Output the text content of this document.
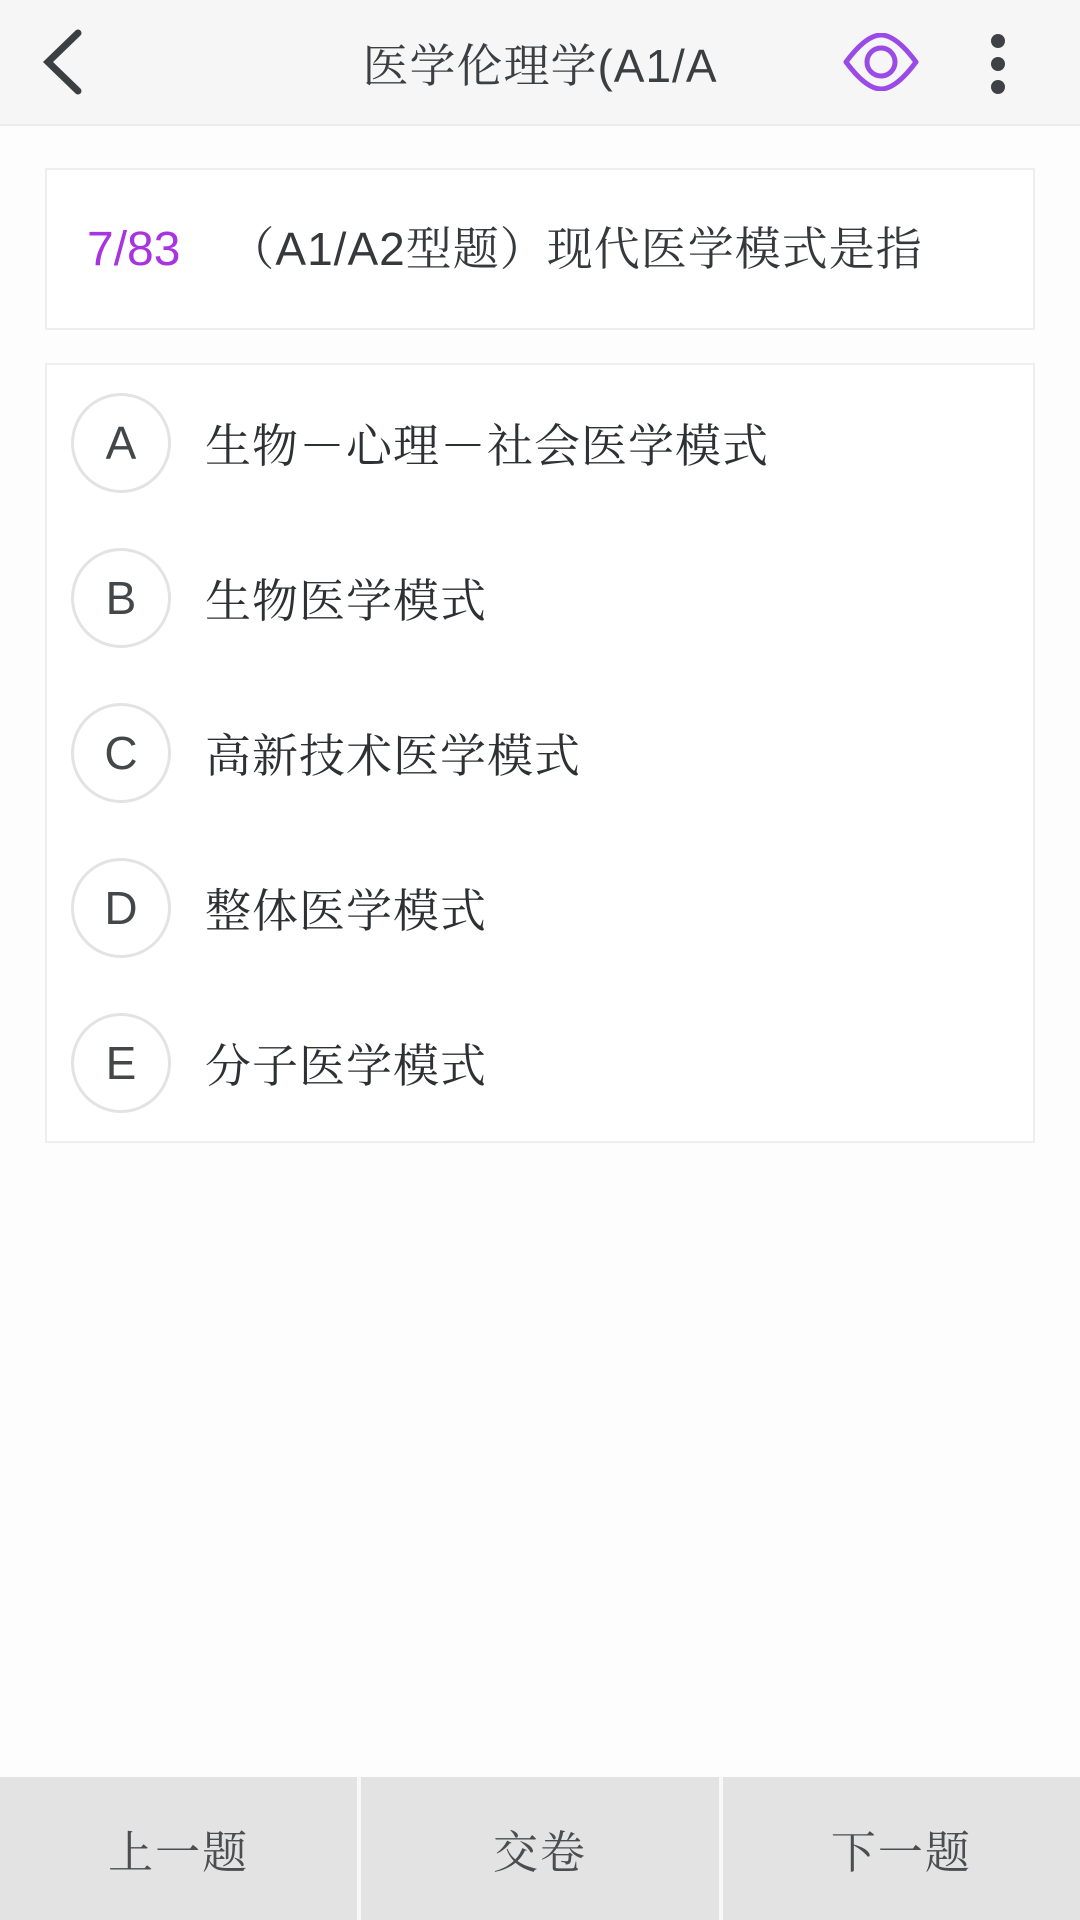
医学伦理学(A1/A
7/83 （A1/A2型题）现代医学模式是指
A	生物－心理－社会医学模式
B	生物医学模式
C	高新技术医学模式
D	整体医学模式
E	分子医学模式
上一题	交卷	下一题
